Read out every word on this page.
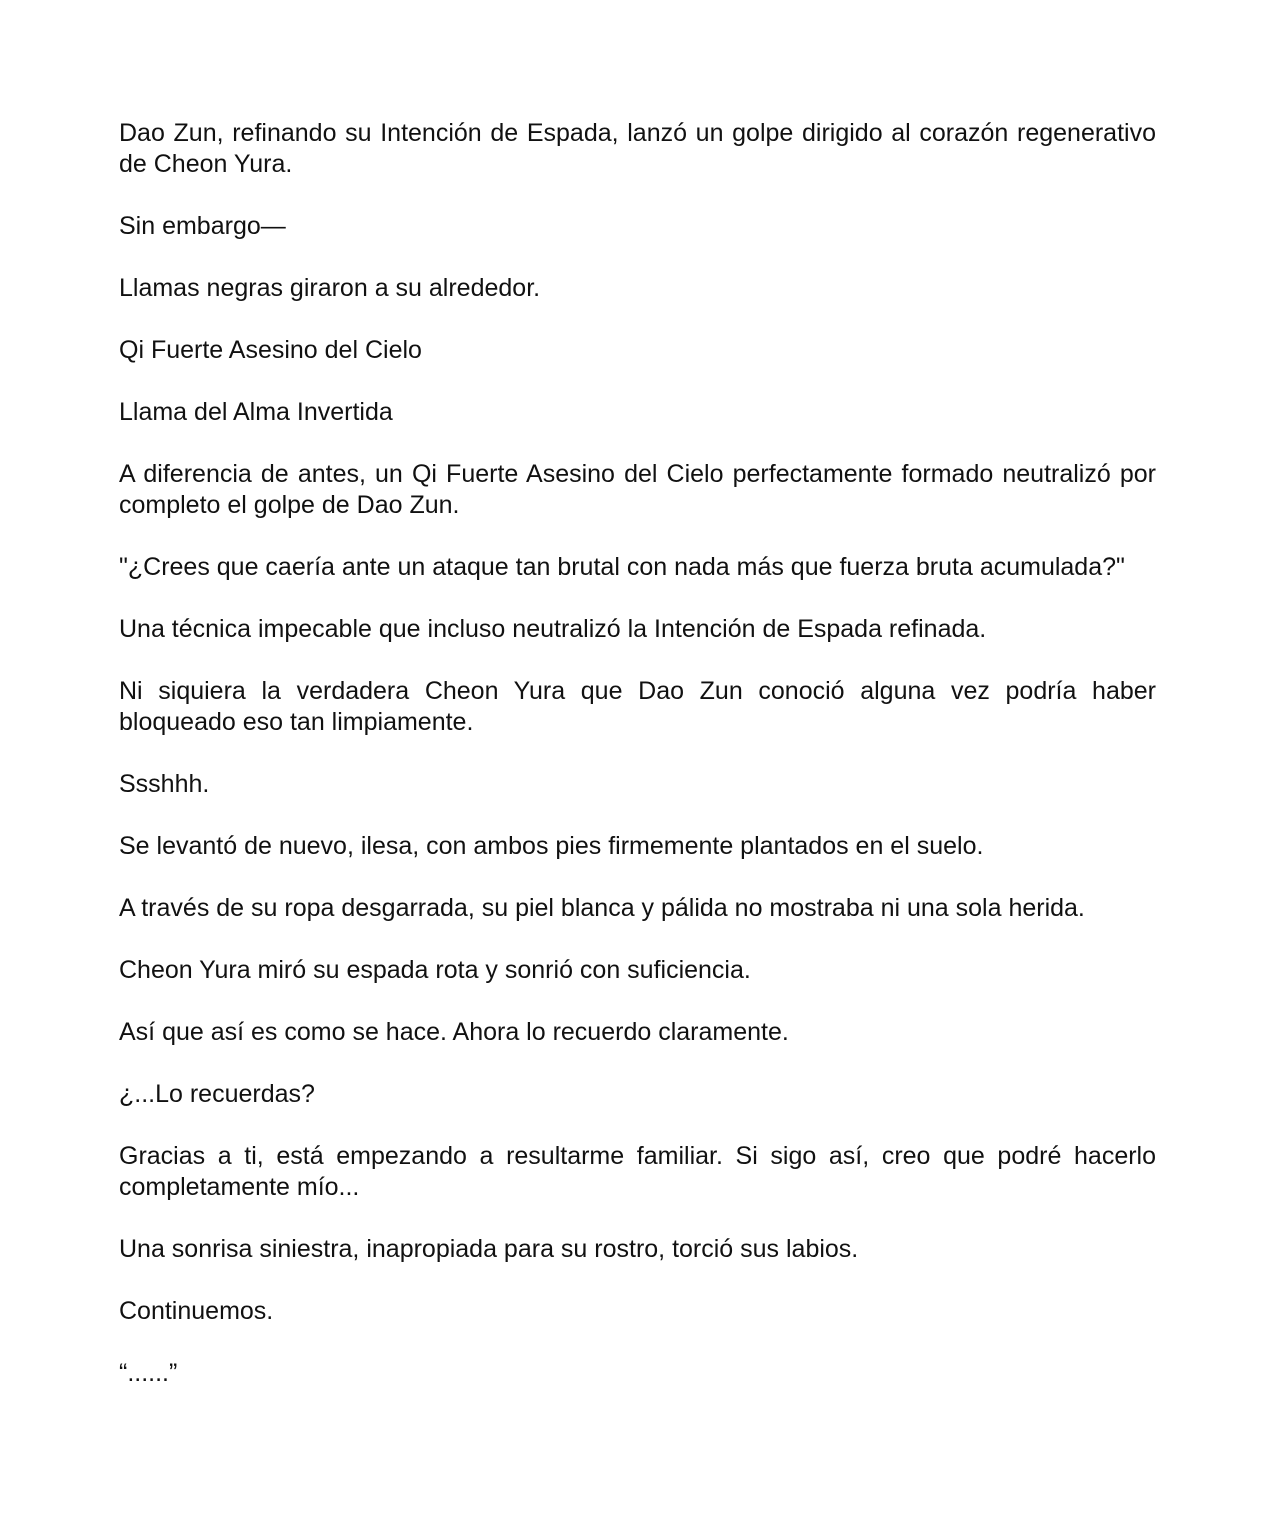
Dao Zun, refinando su Intención de Espada, lanzó un golpe dirigido al corazón regenerativo de Cheon Yura.

Sin embargo—

Llamas negras giraron a su alrededor.

Qi Fuerte Asesino del Cielo

Llama del Alma Invertida

A diferencia de antes, un Qi Fuerte Asesino del Cielo perfectamente formado neutralizó por completo el golpe de Dao Zun.

"¿Crees que caería ante un ataque tan brutal con nada más que fuerza bruta acumulada?"

Una técnica impecable que incluso neutralizó la Intención de Espada refinada.

Ni siquiera la verdadera Cheon Yura que Dao Zun conoció alguna vez podría haber bloqueado eso tan limpiamente.

Ssshhh.

Se levantó de nuevo, ilesa, con ambos pies firmemente plantados en el suelo.

A través de su ropa desgarrada, su piel blanca y pálida no mostraba ni una sola herida.

Cheon Yura miró su espada rota y sonrió con suficiencia.

Así que así es como se hace. Ahora lo recuerdo claramente.

¿...Lo recuerdas?

Gracias a ti, está empezando a resultarme familiar. Si sigo así, creo que podré hacerlo completamente mío...

Una sonrisa siniestra, inapropiada para su rostro, torció sus labios.

Continuemos.

“......”
